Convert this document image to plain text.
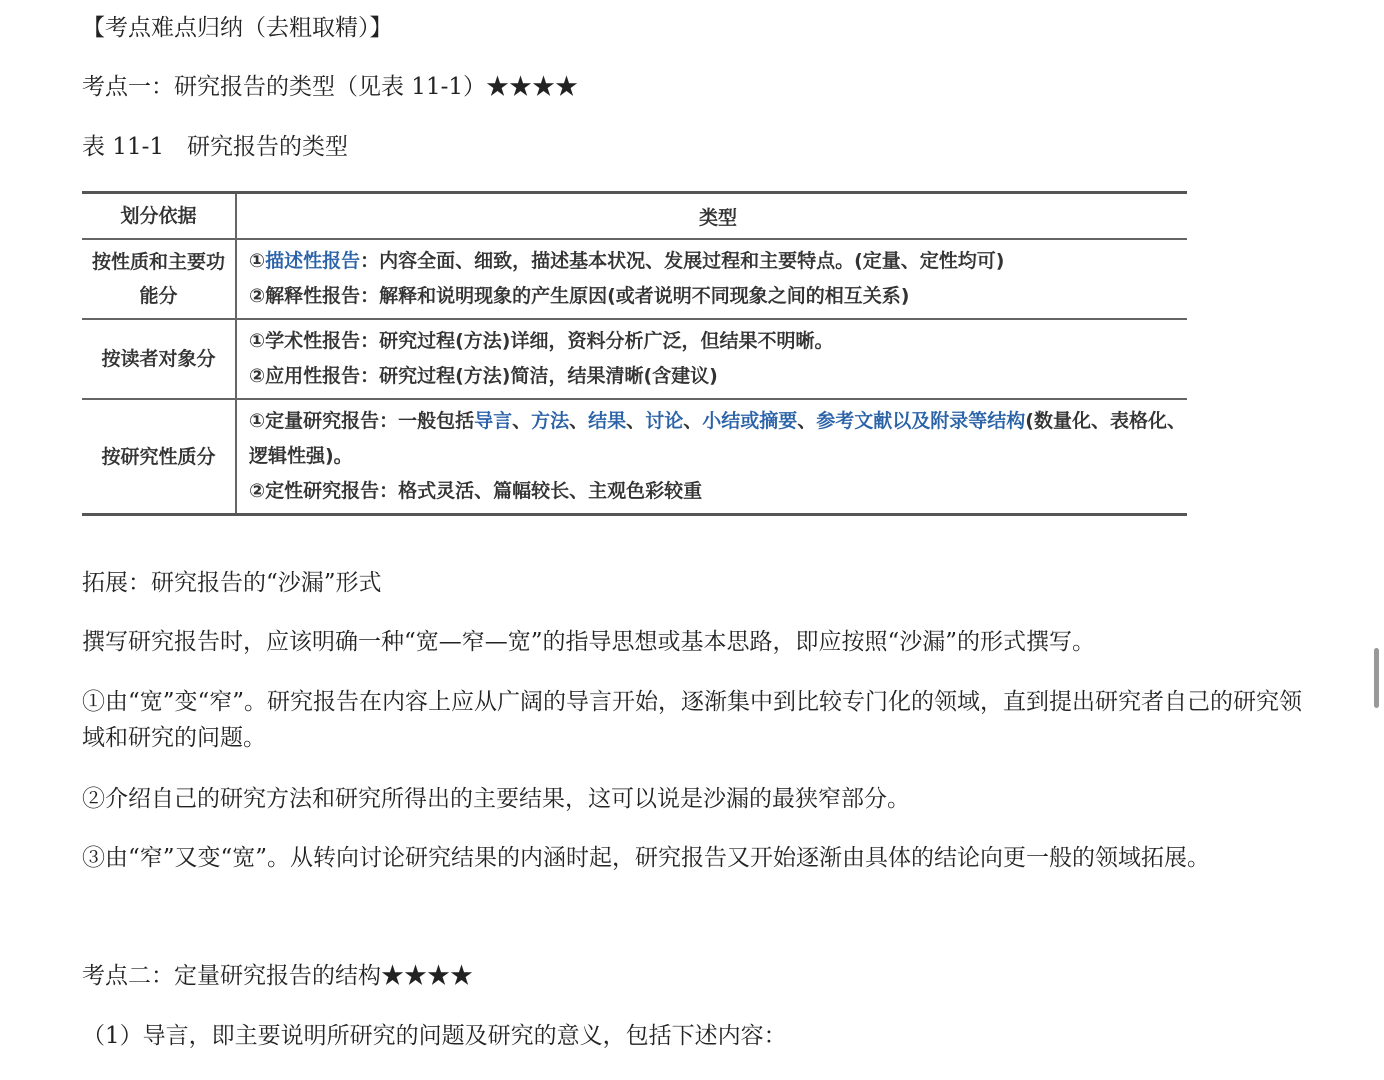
【考点难点归纳（去粗取精）】
考点一：研究报告的类型（见表 11-1）★★★★
表 11-1　研究报告的类型
划分依据	类型
按性质和主要功能分	①描述性报告：内容全面、细致，描述基本状况、发展过程和主要特点。(定量、定性均可)
②解释性报告：解释和说明现象的产生原因(或者说明不同现象之间的相互关系)

按读者对象分	①学术性报告：研究过程(方法)详细，资料分析广泛，但结果不明晰。
②应用性报告：研究过程(方法)简洁，结果清晰(含建议)

按研究性质分	①定量研究报告：一般包括导言、方法、结果、讨论、小结或摘要、参考文献以及附录等结构(数量化、表格化、逻辑性强)。
②定性研究报告：格式灵活、篇幅较长、主观色彩较重
拓展：研究报告的“沙漏”形式
撰写研究报告时，应该明确一种“宽—窄—宽”的指导思想或基本思路，即应按照“沙漏”的形式撰写。
①由“宽”变“窄”。研究报告在内容上应从广阔的导言开始，逐渐集中到比较专门化的领域，直到提出研究者自己的研究领域和研究的问题。
②介绍自己的研究方法和研究所得出的主要结果，这可以说是沙漏的最狭窄部分。
③由“窄”又变“宽”。从转向讨论研究结果的内涵时起，研究报告又开始逐渐由具体的结论向更一般的领域拓展。
考点二：定量研究报告的结构★★★★
（1）导言，即主要说明所研究的问题及研究的意义，包括下述内容：
